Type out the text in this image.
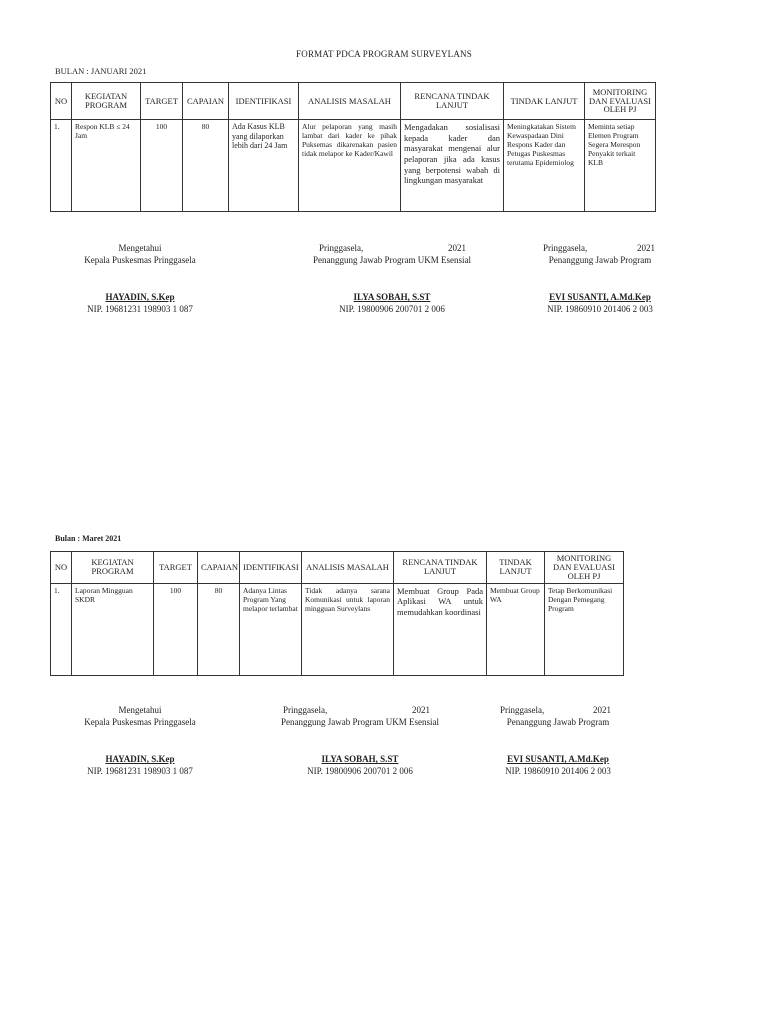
FORMAT PDCA PROGRAM SURVEYLANS
BULAN : JANUARI 2021
NO	KEGIATAN PROGRAM	TARGET	CAPAIAN	IDENTIFIKASI	ANALISIS MASALAH	RENCANA TINDAK LANJUT	TINDAK LANJUT	MONITORING DAN EVALUASI OLEH PJ
1.	Respon KLB ≤ 24 Jam	100	80	Ada Kasus KLB yang dilaporkan lebih dari 24 Jam	Alur pelaporan yang masih lambat dari kader ke pihak Puksemas dikarenakan pasien tidak melapor ke Kader/Kawil	Mengadakan sosialisasi kepada kader dan masyarakat mengenai alur pelaporan jika ada kasus yang berpotensi wabah di lingkungan masyarakat	Meningkatakan Sistem Kewaspadaan Dini Respons Kader dan Petugas Puskesmas terutama Epidemiolog	Meminta setiap Elemen Program Segera Merespon Penyakit terkait KLB
Mengetahui
Kepala Puskesmas Pringgasela
HAYADIN, S.Kep
NIP. 19681231 198903 1 087
Pringgasela,	2021
Penanggung Jawab Program UKM Esensial
ILYA SOBAH, S.ST
NIP. 19800906 200701 2 006
Pringgasela,	2021
Penanggung Jawab Program
EVI SUSANTI, A.Md.Kep
NIP. 19860910 201406 2 003
Bulan : Maret 2021
NO	KEGIATAN PROGRAM	TARGET	CAPAIAN	IDENTIFIKASI	ANALISIS MASALAH	RENCANA TINDAK LANJUT	TINDAK LANJUT	MONITORING DAN EVALUASI OLEH PJ
1.	Laporan Mingguan SKDR	100	80	Adanya Lintas Program Yang melapor terlambat	Tidak adanya sarana Komunikasi untuk laporan mingguan Surveylans	Membuat Group Pada Aplikasi WA untuk memudahkan koordinasi	Membuat Group WA	Tetap Berkomunikasi Dengan Pemegang Program
Mengetahui
Kepala Puskesmas Pringgasela
HAYADIN, S.Kep
NIP. 19681231 198903 1 087
Pringgasela,	2021
Penanggung Jawab Program UKM Esensial
ILYA SOBAH, S.ST
NIP. 19800906 200701 2 006
Pringgasela,	2021
Penanggung Jawab Program
EVI SUSANTI, A.Md.Kep
NIP. 19860910 201406 2 003
